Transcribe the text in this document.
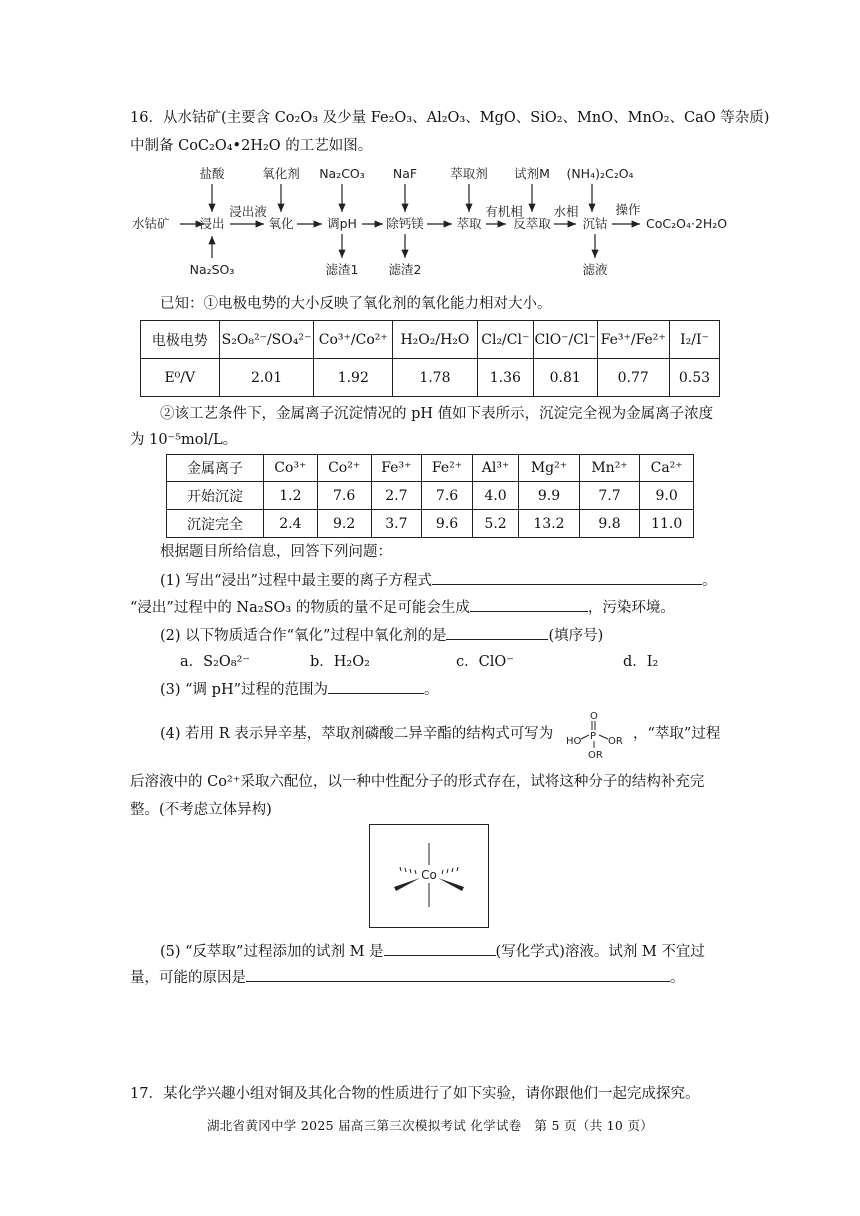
16．从水钴矿(主要含 Co₂O₃ 及少量 Fe₂O₃、Al₂O₃、MgO、SiO₂、MnO、MnO₂、CaO 等杂质)
中制备 CoC₂O₄•2H₂O 的工艺如图。
盐酸	氧化剂 Na₂CO₃ NaF	萃取剂 试剂M (NH₄)₂C₂O₄
水钴矿 浸出
浸出液
氧化	调pH 除钙镁	萃取
有机相
反萃取
水相
沉钴
操作
CoC₂O₄·2H₂O
Na₂SO₃	滤渣1 滤渣2	滤液
已知：①电极电势的大小反映了氧化剂的氧化能力相对大小。
电极电势	S₂O₈²⁻/SO₄²⁻	Co³⁺/Co²⁺	H₂O₂/H₂O	Cl₂/Cl⁻	ClO⁻/Cl⁻	Fe³⁺/Fe²⁺	I₂/I⁻
E⁰/V	2.01	1.92	1.78	1.36	0.81	0.77	0.53
②该工艺条件下，金属离子沉淀情况的 pH 值如下表所示，沉淀完全视为金属离子浓度
为 10⁻⁵mol/L。
金属离子	Co³⁺	Co²⁺	Fe³⁺	Fe²⁺	Al³⁺	Mg²⁺	Mn²⁺	Ca²⁺
开始沉淀	1.2	7.6	2.7	7.6	4.0	9.9	7.7	9.0
沉淀完全	2.4	9.2	3.7	9.6	5.2	13.2	9.8	11.0
根据题目所给信息，回答下列问题：
(1) 写出“浸出”过程中最主要的离子方程式	。
“浸出”过程中的 Na₂SO₃ 的物质的量不足可能会生成	，污染环境。
(2) 以下物质适合作“氧化”过程中氧化剂的是	(填序号)
a．S₂O₈²⁻	b．H₂O₂	c．ClO⁻	d．I₂
(3) “调 pH”过程的范围为	。
(4) 若用 R 表示异辛基，萃取剂磷酸二异辛酯的结构式可写为
O
P
HO	OR
OR
，“萃取”过程
后溶液中的 Co²⁺采取六配位，以一种中性配分子的形式存在，试将这种分子的结构补充完
整。(不考虑立体异构)
Co
(5) “反萃取”过程添加的试剂 M 是	(写化学式)溶液。试剂 M 不宜过
量，可能的原因是	。
17．某化学兴趣小组对铜及其化合物的性质进行了如下实验，请你跟他们一起完成探究。
湖北省黄冈中学 2025 届高三第三次模拟考试 化学试卷　第 5 页（共 10 页）
